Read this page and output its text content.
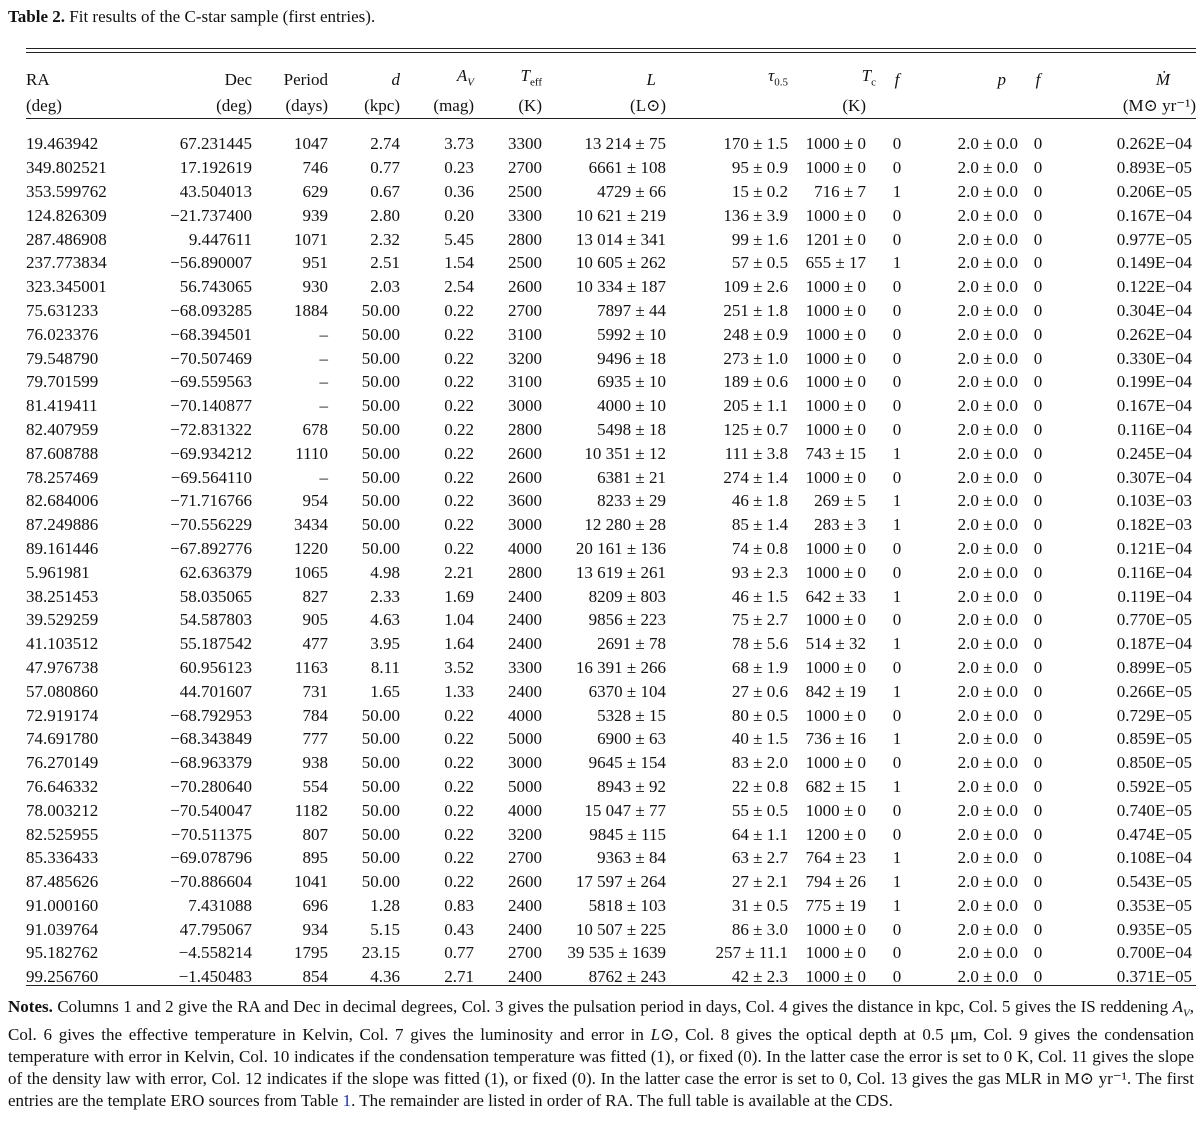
Table 2. Fit results of the C-star sample (first entries).
RA	Dec	Period	d	$A_V$	$T_{eff}$	L	$\tau_{0.5}$	$T_c$	f	p	f	Ṁ
(deg)	(deg)	(days)	(kpc)	(mag)	(K)	(L⊙)		(K)				(M⊙ yr⁻¹)
19.463942	67.231445	1047	2.74	3.73	3300	13 214 ± 75	170 ± 1.5	1000 ± 0	0	2.0 ± 0.0	0	0.262E−04
349.802521	17.192619	746	0.77	0.23	2700	6661 ± 108	95 ± 0.9	1000 ± 0	0	2.0 ± 0.0	0	0.893E−05
353.599762	43.504013	629	0.67	0.36	2500	4729 ± 66	15 ± 0.2	716 ± 7	1	2.0 ± 0.0	0	0.206E−05
124.826309	−21.737400	939	2.80	0.20	3300	10 621 ± 219	136 ± 3.9	1000 ± 0	0	2.0 ± 0.0	0	0.167E−04
287.486908	9.447611	1071	2.32	5.45	2800	13 014 ± 341	99 ± 1.6	1201 ± 0	0	2.0 ± 0.0	0	0.977E−05
237.773834	−56.890007	951	2.51	1.54	2500	10 605 ± 262	57 ± 0.5	655 ± 17	1	2.0 ± 0.0	0	0.149E−04
323.345001	56.743065	930	2.03	2.54	2600	10 334 ± 187	109 ± 2.6	1000 ± 0	0	2.0 ± 0.0	0	0.122E−04
75.631233	−68.093285	1884	50.00	0.22	2700	7897 ± 44	251 ± 1.8	1000 ± 0	0	2.0 ± 0.0	0	0.304E−04
76.023376	−68.394501	–	50.00	0.22	3100	5992 ± 10	248 ± 0.9	1000 ± 0	0	2.0 ± 0.0	0	0.262E−04
79.548790	−70.507469	–	50.00	0.22	3200	9496 ± 18	273 ± 1.0	1000 ± 0	0	2.0 ± 0.0	0	0.330E−04
79.701599	−69.559563	–	50.00	0.22	3100	6935 ± 10	189 ± 0.6	1000 ± 0	0	2.0 ± 0.0	0	0.199E−04
81.419411	−70.140877	–	50.00	0.22	3000	4000 ± 10	205 ± 1.1	1000 ± 0	0	2.0 ± 0.0	0	0.167E−04
82.407959	−72.831322	678	50.00	0.22	2800	5498 ± 18	125 ± 0.7	1000 ± 0	0	2.0 ± 0.0	0	0.116E−04
87.608788	−69.934212	1110	50.00	0.22	2600	10 351 ± 12	111 ± 3.8	743 ± 15	1	2.0 ± 0.0	0	0.245E−04
78.257469	−69.564110	–	50.00	0.22	2600	6381 ± 21	274 ± 1.4	1000 ± 0	0	2.0 ± 0.0	0	0.307E−04
82.684006	−71.716766	954	50.00	0.22	3600	8233 ± 29	46 ± 1.8	269 ± 5	1	2.0 ± 0.0	0	0.103E−03
87.249886	−70.556229	3434	50.00	0.22	3000	12 280 ± 28	85 ± 1.4	283 ± 3	1	2.0 ± 0.0	0	0.182E−03
89.161446	−67.892776	1220	50.00	0.22	4000	20 161 ± 136	74 ± 0.8	1000 ± 0	0	2.0 ± 0.0	0	0.121E−04
5.961981	62.636379	1065	4.98	2.21	2800	13 619 ± 261	93 ± 2.3	1000 ± 0	0	2.0 ± 0.0	0	0.116E−04
38.251453	58.035065	827	2.33	1.69	2400	8209 ± 803	46 ± 1.5	642 ± 33	1	2.0 ± 0.0	0	0.119E−04
39.529259	54.587803	905	4.63	1.04	2400	9856 ± 223	75 ± 2.7	1000 ± 0	0	2.0 ± 0.0	0	0.770E−05
41.103512	55.187542	477	3.95	1.64	2400	2691 ± 78	78 ± 5.6	514 ± 32	1	2.0 ± 0.0	0	0.187E−04
47.976738	60.956123	1163	8.11	3.52	3300	16 391 ± 266	68 ± 1.9	1000 ± 0	0	2.0 ± 0.0	0	0.899E−05
57.080860	44.701607	731	1.65	1.33	2400	6370 ± 104	27 ± 0.6	842 ± 19	1	2.0 ± 0.0	0	0.266E−05
72.919174	−68.792953	784	50.00	0.22	4000	5328 ± 15	80 ± 0.5	1000 ± 0	0	2.0 ± 0.0	0	0.729E−05
74.691780	−68.343849	777	50.00	0.22	5000	6900 ± 63	40 ± 1.5	736 ± 16	1	2.0 ± 0.0	0	0.859E−05
76.270149	−68.963379	938	50.00	0.22	3000	9645 ± 154	83 ± 2.0	1000 ± 0	0	2.0 ± 0.0	0	0.850E−05
76.646332	−70.280640	554	50.00	0.22	5000	8943 ± 92	22 ± 0.8	682 ± 15	1	2.0 ± 0.0	0	0.592E−05
78.003212	−70.540047	1182	50.00	0.22	4000	15 047 ± 77	55 ± 0.5	1000 ± 0	0	2.0 ± 0.0	0	0.740E−05
82.525955	−70.511375	807	50.00	0.22	3200	9845 ± 115	64 ± 1.1	1200 ± 0	0	2.0 ± 0.0	0	0.474E−05
85.336433	−69.078796	895	50.00	0.22	2700	9363 ± 84	63 ± 2.7	764 ± 23	1	2.0 ± 0.0	0	0.108E−04
87.485626	−70.886604	1041	50.00	0.22	2600	17 597 ± 264	27 ± 2.1	794 ± 26	1	2.0 ± 0.0	0	0.543E−05
91.000160	7.431088	696	1.28	0.83	2400	5818 ± 103	31 ± 0.5	775 ± 19	1	2.0 ± 0.0	0	0.353E−05
91.039764	47.795067	934	5.15	0.43	2400	10 507 ± 225	86 ± 3.0	1000 ± 0	0	2.0 ± 0.0	0	0.935E−05
95.182762	−4.558214	1795	23.15	0.77	2700	39 535 ± 1639	257 ± 11.1	1000 ± 0	0	2.0 ± 0.0	0	0.700E−04
99.256760	−1.450483	854	4.36	2.71	2400	8762 ± 243	42 ± 2.3	1000 ± 0	0	2.0 ± 0.0	0	0.371E−05
Notes. Columns 1 and 2 give the RA and Dec in decimal degrees, Col. 3 gives the pulsation period in days, Col. 4 gives the distance in kpc, Col. 5 gives the IS reddening $A_V$, Col. 6 gives the effective temperature in Kelvin, Col. 7 gives the luminosity and error in L⊙, Col. 8 gives the optical depth at 0.5 μm, Col. 9 gives the condensation temperature with error in Kelvin, Col. 10 indicates if the condensation temperature was fitted (1), or fixed (0). In the latter case the error is set to 0 K, Col. 11 gives the slope of the density law with error, Col. 12 indicates if the slope was fitted (1), or fixed (0). In the latter case the error is set to 0, Col. 13 gives the gas MLR in M⊙ yr⁻¹. The first entries are the template ERO sources from Table 1. The remainder are listed in order of RA. The full table is available at the CDS.
